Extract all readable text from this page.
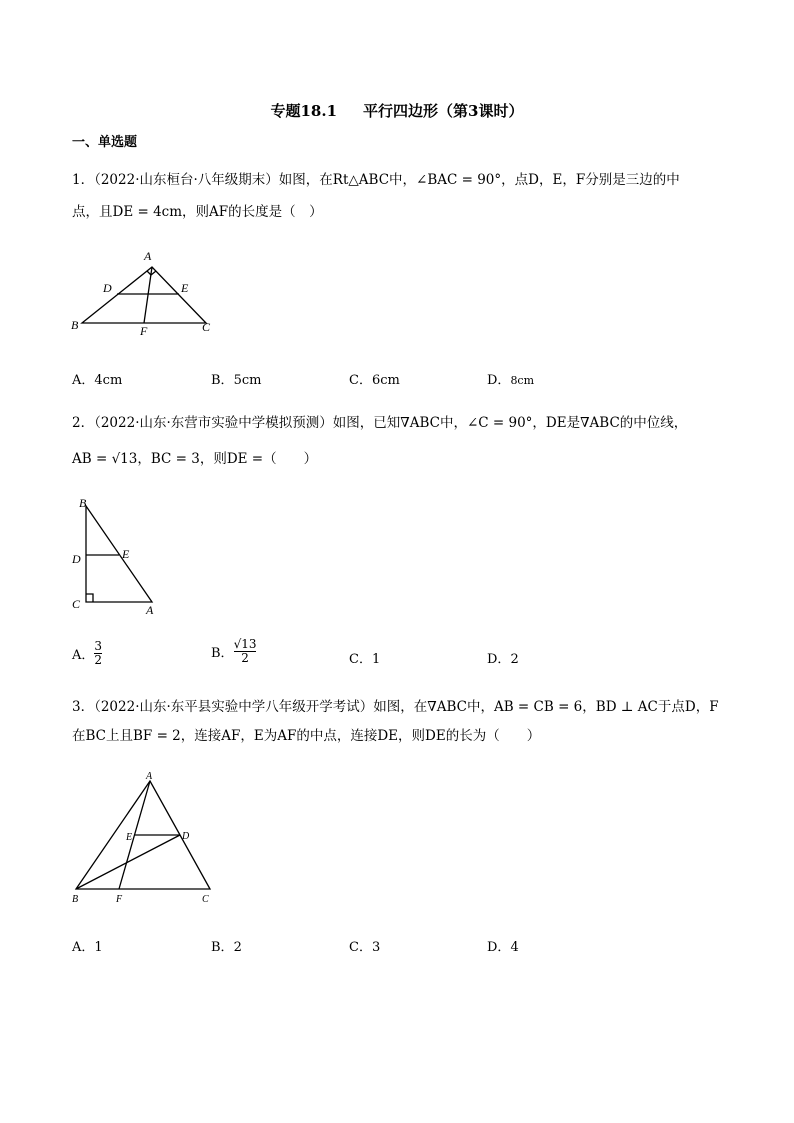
专题18.1 平行四边形（第3课时）
一、单选题
1．（2022·山东桓台·八年级期末）如图，在Rt△ABC中，∠BAC = 90°，点D，E，F分别是三边的中
点，且DE = 4cm，则AF的长度是（　）
A
D	E
B	F	C
A．4cm	B．5cm	C．6cm	D．8cm
2．（2022·山东·东营市实验中学模拟预测）如图，已知∇ABC中，∠C = 90°，DE是∇ABC的中位线，
AB = √13，BC = 3，则DE =（　　）
B
D	E
C	A
A． $\frac{3}{2}$	B． $\frac{√13}{2}$	C．1	D．2
3．（2022·山东·东平县实验中学八年级开学考试）如图，在∇ABC中，AB = CB = 6，BD ⊥ AC于点D，F
在BC上且BF = 2，连接AF，E为AF的中点，连接DE，则DE的长为（　　）
A
E	D
B	F	C
A．1	B．2	C．3	D．4
